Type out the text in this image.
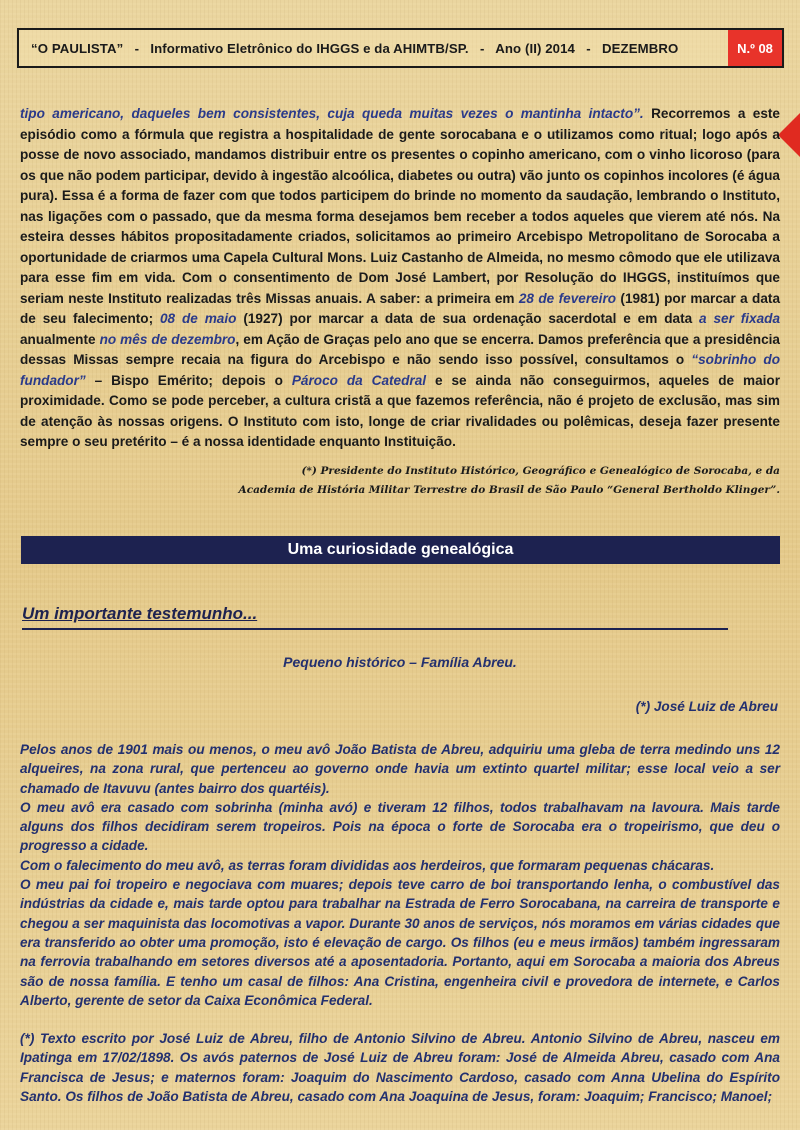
“O PAULISTA”   -   Informativo Eletrônico do IHGGS e da AHIMTB/SP.   -   Ano (II) 2014   -   DEZEMBRO	N.º 08

tipo americano, daqueles bem consistentes, cuja queda muitas vezes o mantinha intacto”. Recorremos a este episódio como a fórmula que registra a hospitalidade de gente sorocabana e o utilizamos como ritual; logo após a posse de novo associado, mandamos distribuir entre os presentes o copinho americano, com o vinho licoroso (para os que não podem participar, devido à ingestão alcoólica, diabetes ou outra) vão junto os copinhos incolores (é água pura). Essa é a forma de fazer com que todos participem do brinde no momento da saudação, lembrando o Instituto, nas ligações com o passado, que da mesma forma desejamos bem receber a todos aqueles que vierem até nós. Na esteira desses hábitos propositadamente criados, solicitamos ao primeiro Arcebispo Metropolitano de Sorocaba a oportunidade de criarmos uma Capela Cultural Mons. Luiz Castanho de Almeida, no mesmo cômodo que ele utilizava para esse fim em vida. Com o consentimento de Dom José Lambert, por Resolução do IHGGS, instituímos que seriam neste Instituto realizadas três Missas anuais. A saber: a primeira em 28 de fevereiro (1981) por marcar a data de seu falecimento; 08 de maio (1927) por marcar a data de sua ordenação sacerdotal e em data a ser fixada anualmente no mês de dezembro, em Ação de Graças pelo ano que se encerra. Damos preferência que a presidência dessas Missas sempre recaia na figura do Arcebispo e não sendo isso possível, consultamos o “sobrinho do fundador” – Bispo Emérito; depois o Pároco da Catedral e se ainda não conseguirmos, aqueles de maior proximidade. Como se pode perceber, a cultura cristã a que fazemos referência, não é projeto de exclusão, mas sim de atenção às nossas origens. O Instituto com isto, longe de criar rivalidades ou polêmicas, deseja fazer presente sempre o seu pretérito – é a nossa identidade enquanto Instituição.

(*) Presidente do Instituto Histórico, Geográfico e Genealógico de Sorocaba, e da
Academia de História Militar Terrestre do Brasil de São Paulo “General Bertholdo Klinger”.
Uma curiosidade genealógica
Um importante testemunho...
Pequeno histórico – Família Abreu.
(*) José Luiz de Abreu

Pelos anos de 1901 mais ou menos, o meu avô João Batista de Abreu, adquiriu uma gleba de terra medindo uns 12 alqueires, na zona rural, que pertenceu ao governo onde havia um extinto quartel militar; esse local veio a ser chamado de Itavuvu (antes bairro dos quartéis).

O meu avô era casado com sobrinha (minha avó) e tiveram 12 filhos, todos trabalhavam na lavoura. Mais tarde alguns dos filhos decidiram serem tropeiros. Pois na época o forte de Sorocaba era o tropeirismo, que deu o progresso a cidade.

Com o falecimento do meu avô, as terras foram divididas aos herdeiros, que formaram pequenas chácaras.

O meu pai foi tropeiro e negociava com muares; depois teve carro de boi transportando lenha, o combustível das indústrias da cidade e, mais tarde optou para trabalhar na Estrada de Ferro Sorocabana, na carreira de transporte e chegou a ser maquinista das locomotivas a vapor. Durante 30 anos de serviços, nós moramos em várias cidades que era transferido ao obter uma promoção, isto é elevação de cargo. Os filhos (eu e meus irmãos) também ingressaram na ferrovia trabalhando em setores diversos até a aposentadoria. Portanto, aqui em Sorocaba a maioria dos Abreus são de nossa família. E tenho um casal de filhos: Ana Cristina, engenheira civil e provedora de internete, e Carlos Alberto, gerente de setor da Caixa Econômica Federal.

(*) Texto escrito por José Luiz de Abreu, filho de Antonio Silvino de Abreu. Antonio Silvino de Abreu, nasceu em Ipatinga em 17/02/1898. Os avós paternos de José Luiz de Abreu foram: José de Almeida Abreu, casado com Ana Francisca de Jesus; e maternos foram: Joaquim do Nascimento Cardoso, casado com Anna Ubelina do Espírito Santo. Os filhos de João Batista de Abreu, casado com Ana Joaquina de Jesus, foram: Joaquim; Francisco; Manoel;
